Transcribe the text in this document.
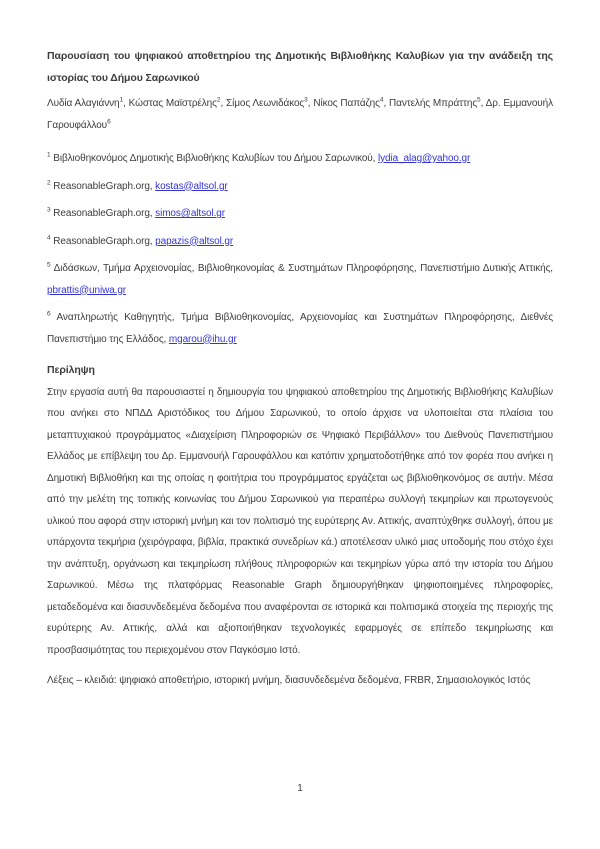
Παρουσίαση του ψηφιακού αποθετηρίου της Δημοτικής Βιβλιοθήκης Καλυβίων για την ανάδειξη της ιστορίας του Δήμου Σαρωνικού

Λυδία Αλαγιάννη$^1$, Κώστας Μαϊστρέλης$^2$, Σίμος Λεωνιδάκος$^3$, Νίκος Παπάζης$^4$, Παντελής Μπράττης$^5$, Δρ. Εμμανουήλ Γαρουφάλλου$^6$

$^1$ Βιβλιοθηκονόμος Δημοτικής Βιβλιοθήκης Καλυβίων του Δήμου Σαρωνικού, lydia_alag@yahoo.gr

$^2$ ReasonableGraph.org, kostas@altsol.gr

$^3$ ReasonableGraph.org, simos@altsol.gr

$^4$ ReasonableGraph.org, papazis@altsol.gr

$^5$ Διδάσκων, Τμήμα Αρχειονομίας, Βιβλιοθηκονομίας & Συστημάτων Πληροφόρησης, Πανεπιστήμιο Δυτικής Αττικής, pbrattis@uniwa.gr

$^6$ Αναπληρωτής Καθηγητής, Τμήμα Βιβλιοθηκονομίας, Αρχειονομίας και Συστημάτων Πληροφόρησης, Διεθνές Πανεπιστήμιο της Ελλάδος, mgarou@ihu.gr

Περίληψη

Στην εργασία αυτή θα παρουσιαστεί η δημιουργία του ψηφιακού αποθετηρίου της Δημοτικής Βιβλιοθήκης Καλυβίων που ανήκει στο ΝΠΔΔ Αριστόδικος του Δήμου Σαρωνικού, το οποίο άρχισε να υλοποιείται στα πλαίσια του μεταπτυχιακού προγράμματος «Διαχείριση Πληροφοριών σε Ψηφιακό Περιβάλλον» του Διεθνούς Πανεπιστήμιου Ελλάδος με επίβλεψη του Δρ. Εμμανουήλ Γαρουφάλλου και κατόπιν χρηματοδοτήθηκε από τον φορέα που ανήκει η Δημοτική Βιβλιοθήκη και της οποίας η φοιτήτρια του προγράμματος εργάζεται ως βιβλιοθηκονόμος σε αυτήν. Μέσα από την μελέτη της τοπικής κοινωνίας του Δήμου Σαρωνικού για περαιτέρω συλλογή τεκμηρίων και πρωτογενούς υλικού που αφορά στην ιστορική μνήμη και τον πολιτισμό της ευρύτερης Αν. Αττικής, αναπτύχθηκε συλλογή, όπου με υπάρχοντα τεκμήρια (χειρόγραφα, βιβλία, πρακτικά συνεδρίων κά.) αποτέλεσαν υλικό μιας υποδομής που στόχο έχει την ανάπτυξη, οργάνωση και τεκμηρίωση πλήθους πληροφοριών και τεκμηρίων γύρω από την ιστορία του Δήμου Σαρωνικού. Μέσω της πλατφόρμας Reasonable Graph δημιουργήθηκαν ψηφιοποιημένες πληροφορίες, μεταδεδομένα και διασυνδεδεμένα δεδομένα που αναφέρονται σε ιστορικά και πολιτισμικά στοιχεία της περιοχής της ευρύτερης Αν. Αττικής, αλλά και αξιοποιήθηκαν τεχνολογικές εφαρμογές σε επίπεδο τεκμηρίωσης και προσβασιμότητας του περιεχομένου στον Παγκόσμιο Ιστό.

Λέξεις – κλειδιά: ψηφιακό αποθετήριο, ιστορική μνήμη, διασυνδεδεμένα δεδομένα, FRBR, Σημασιολογικός Ιστός

1
